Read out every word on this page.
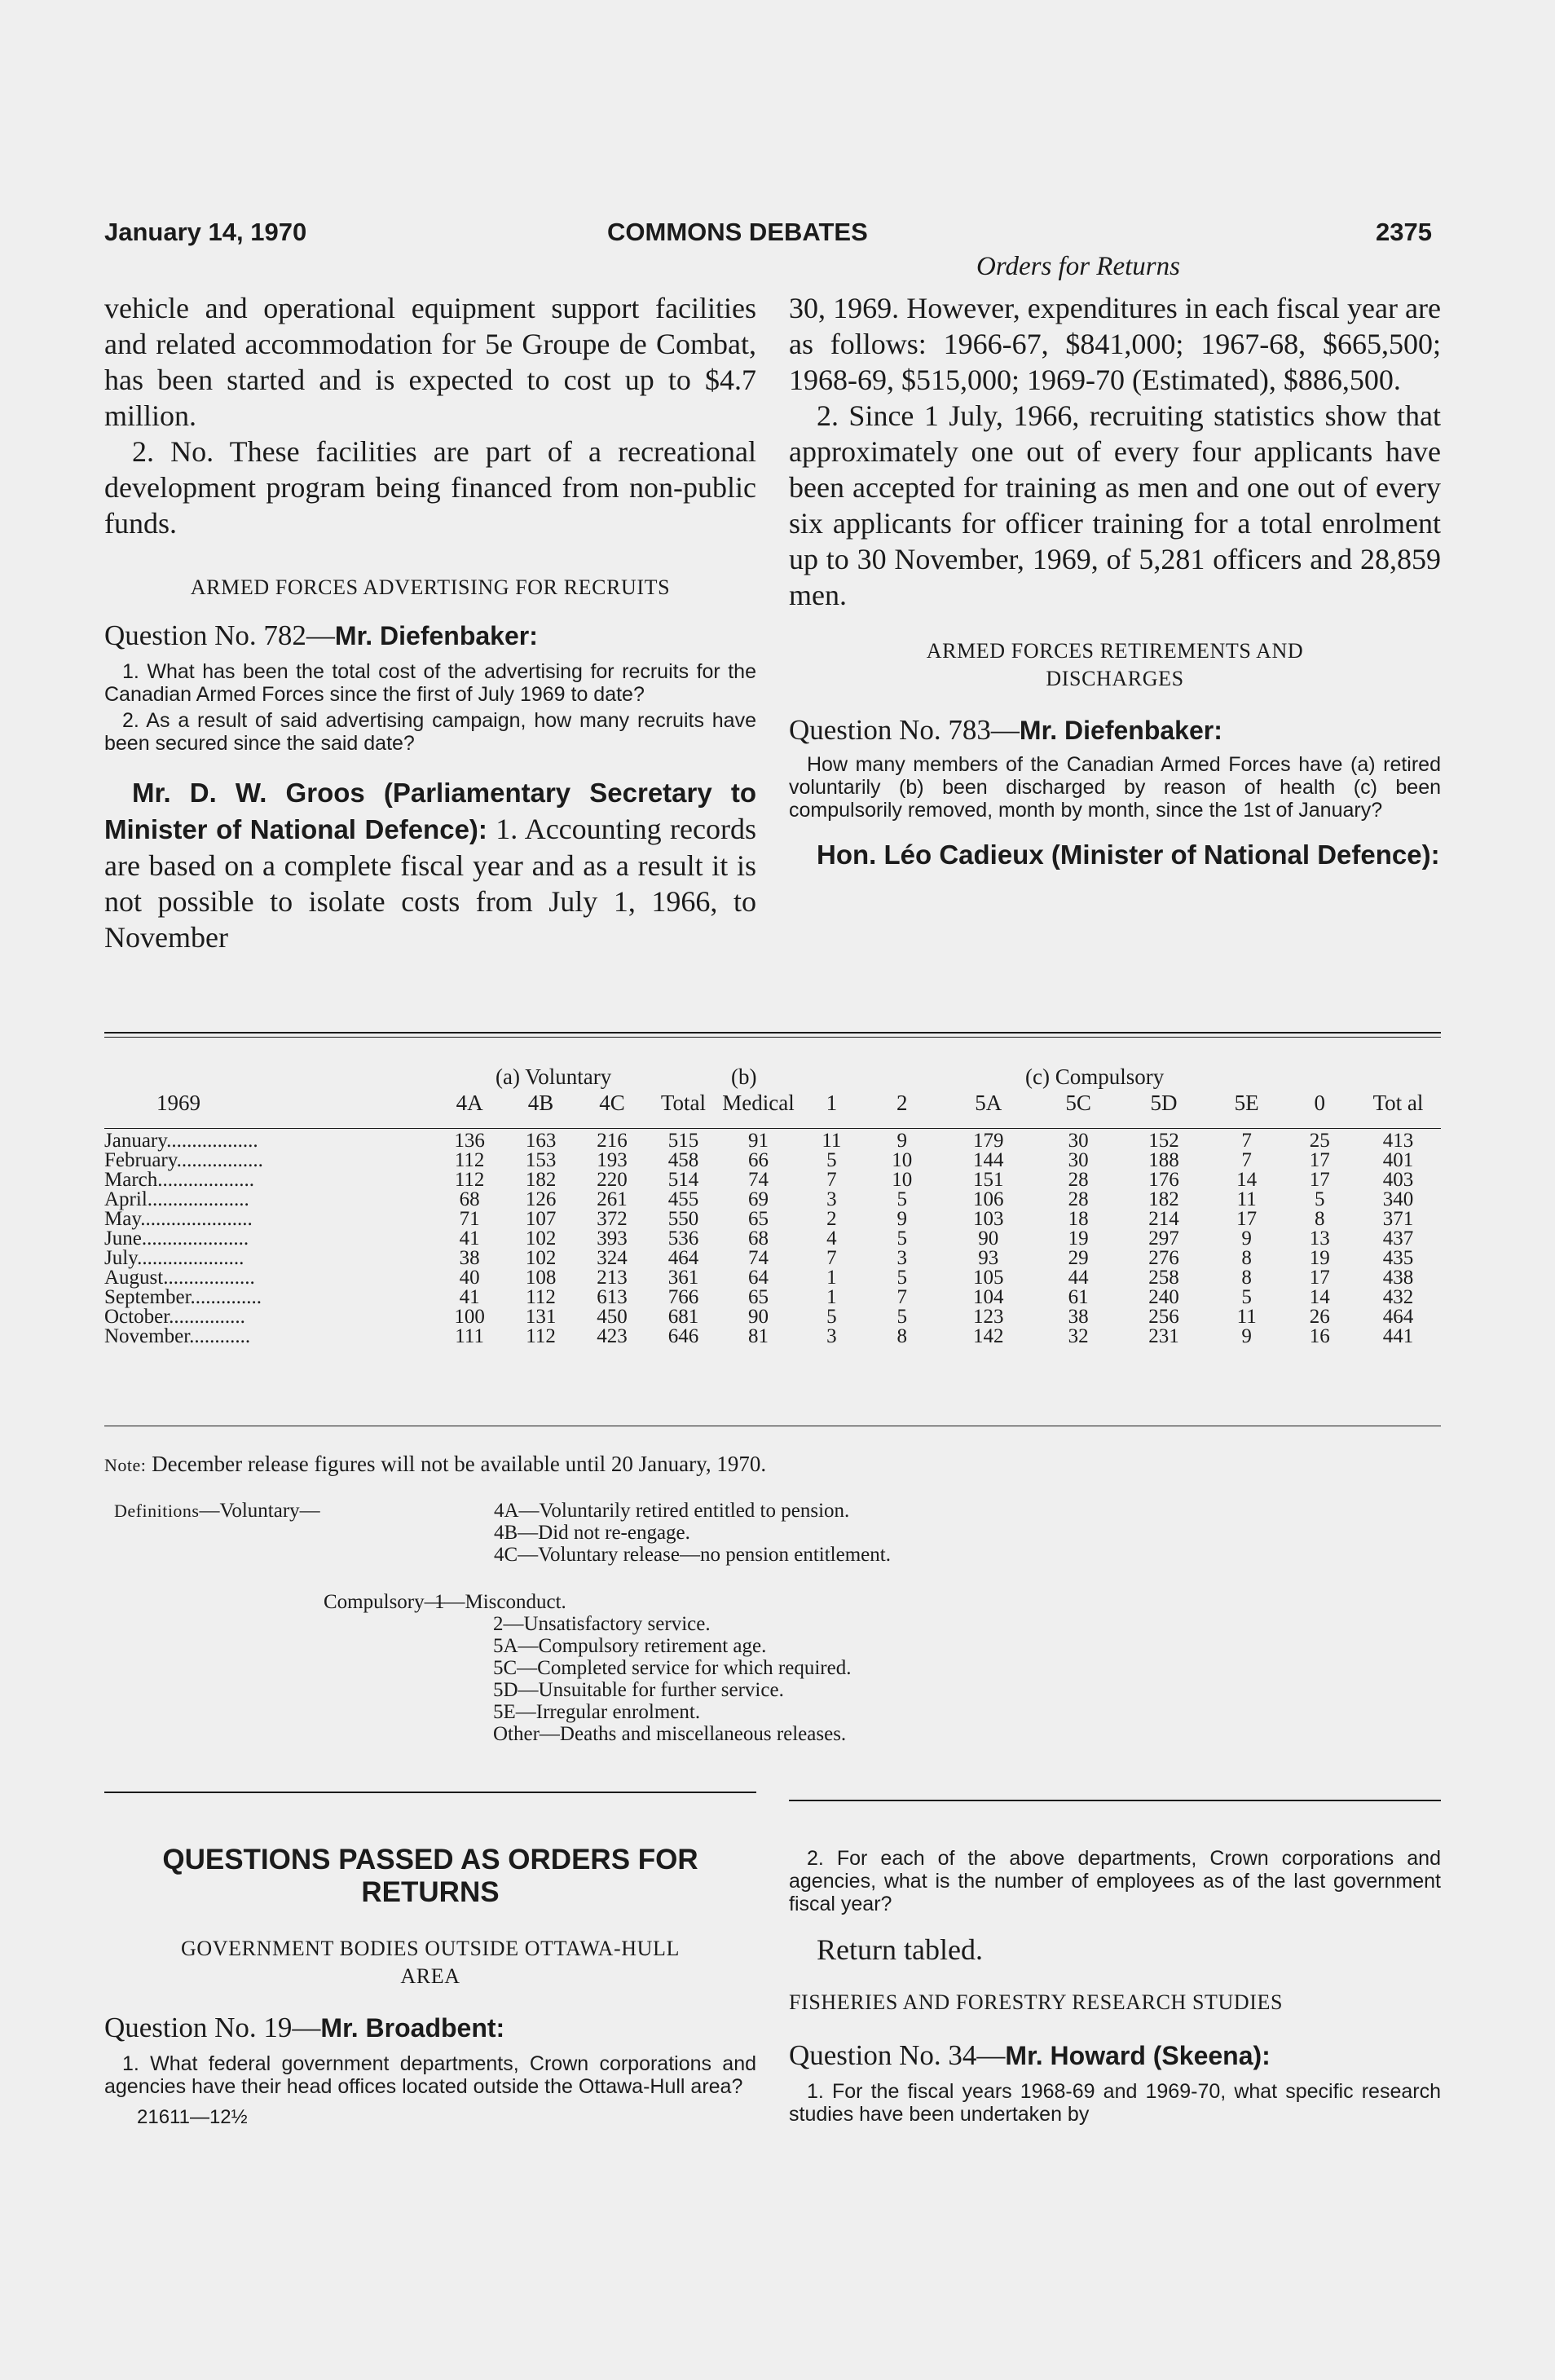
January 14, 1970	COMMONS DEBATES	2375
Orders for Returns

vehicle and operational equipment support facilities and related accommodation for 5e Groupe de Combat, has been started and is expected to cost up to $4.7 million.

2. No. These facilities are part of a recreational development program being financed from non-public funds.

ARMED FORCES ADVERTISING FOR RECRUITS

Question No. 782—Mr. Diefenbaker:

1. What has been the total cost of the advertising for recruits for the Canadian Armed Forces since the first of July 1969 to date?

2. As a result of said advertising campaign, how many recruits have been secured since the said date?

Mr. D. W. Groos (Parliamentary Secretary to Minister of National Defence): 1. Accounting records are based on a complete fiscal year and as a result it is not possible to isolate costs from July 1, 1966, to November

30, 1969. However, expenditures in each fiscal year are as follows: 1966-67, $841,000; 1967-68, $665,500; 1968-69, $515,000; 1969-70 (Estimated), $886,500.

2. Since 1 July, 1966, recruiting statistics show that approximately one out of every four applicants have been accepted for training as men and one out of every six applicants for officer training for a total enrolment up to 30 November, 1969, of 5,281 officers and 28,859 men.

ARMED FORCES RETIREMENTS AND

DISCHARGES

Question No. 783—Mr. Diefenbaker:

How many members of the Canadian Armed Forces have (a) retired voluntarily (b) been discharged by reason of health (c) been compulsorily removed, month by month, since the 1st of January?

Hon. Léo Cadieux (Minister of National Defence):

(a) Voluntary	(b)	(c) Compulsory
1969	4A	4B	4C	Total	Medical	1	2	5A	5C	5D	5E	0	Tot al

January..................	136	163	216	515	91	11	9	179	30	152	7	25	413
February.................	112	153	193	458	66	5	10	144	30	188	7	17	401
March...................	112	182	220	514	74	7	10	151	28	176	14	17	403
April....................	68	126	261	455	69	3	5	106	28	182	11	5	340
May......................	71	107	372	550	65	2	9	103	18	214	17	8	371
June.....................	41	102	393	536	68	4	5	90	19	297	9	13	437
July.....................	38	102	324	464	74	7	3	93	29	276	8	19	435
August..................	40	108	213	361	64	1	5	105	44	258	8	17	438
September..............	41	112	613	766	65	1	7	104	61	240	5	14	432
October...............	100	131	450	681	90	5	5	123	38	256	11	26	464
November............	111	112	423	646	81	3	8	142	32	231	9	16	441
Note: December release figures will not be available until 20 January, 1970.
Definitions—Voluntary—	4A—Voluntarily retired entitled to pension.
4B—Did not re-engage.
4C—Voluntary release—no pension entitlement.
Compulsory—
1—Misconduct.
2—Unsatisfactory service.
5A—Compulsory retirement age.
5C—Completed service for which required.
5D—Unsuitable for further service.
5E—Irregular enrolment.
Other—Deaths and miscellaneous releases.

QUESTIONS PASSED AS ORDERS FOR

RETURNS

GOVERNMENT BODIES OUTSIDE OTTAWA-HULL

AREA

Question No. 19—Mr. Broadbent:

1. What federal government departments, Crown corporations and agencies have their head offices located outside the Ottawa-Hull area?

21611—12½

2. For each of the above departments, Crown corporations and agencies, what is the number of employees as of the last government fiscal year?

Return tabled.

FISHERIES AND FORESTRY RESEARCH STUDIES

Question No. 34—Mr. Howard (Skeena):

1. For the fiscal years 1968-69 and 1969-70, what specific research studies have been undertaken by
